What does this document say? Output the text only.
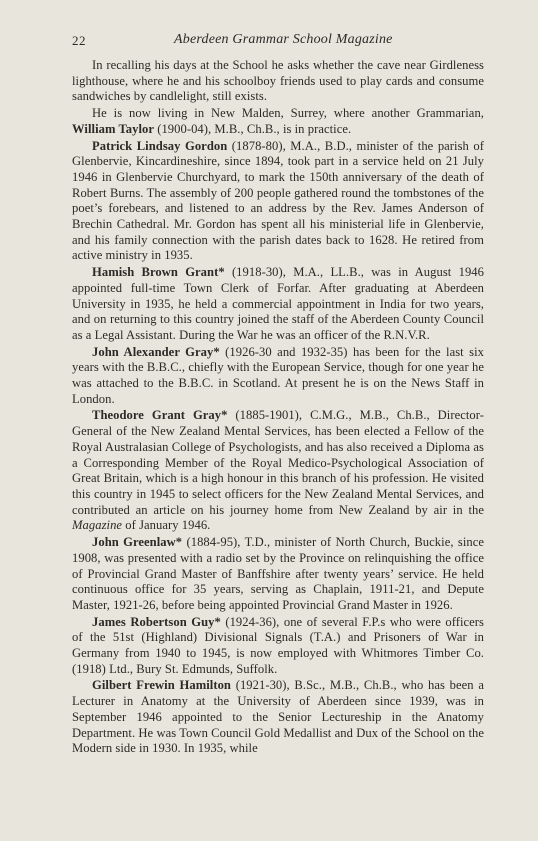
22	Aberdeen Grammar School Magazine

In recalling his days at the School he asks whether the cave near Girdleness lighthouse, where he and his schoolboy friends used to play cards and consume sandwiches by candlelight, still exists.

He is now living in New Malden, Surrey, where another Grammarian, William Taylor (1900-04), M.B., Ch.B., is in practice.

Patrick Lindsay Gordon (1878-80), M.A., B.D., minister of the parish of Glenbervie, Kincardineshire, since 1894, took part in a service held on 21 July 1946 in Glenbervie Churchyard, to mark the 150th anniversary of the death of Robert Burns. The assembly of 200 people gathered round the tombstones of the poet’s forebears, and listened to an address by the Rev. James Anderson of Brechin Cathedral. Mr. Gordon has spent all his ministerial life in Glenbervie, and his family connection with the parish dates back to 1628. He retired from active ministry in 1935.

Hamish Brown Grant* (1918-30), M.A., LL.B., was in August 1946 appointed full-time Town Clerk of Forfar. After graduating at Aberdeen University in 1935, he held a commercial appointment in India for two years, and on returning to this country joined the staff of the Aberdeen County Council as a Legal Assistant. During the War he was an officer of the R.N.V.R.

John Alexander Gray* (1926-30 and 1932-35) has been for the last six years with the B.B.C., chiefly with the European Service, though for one year he was attached to the B.B.C. in Scotland. At present he is on the News Staff in London.

Theodore Grant Gray* (1885-1901), C.M.G., M.B., Ch.B., Director-General of the New Zealand Mental Services, has been elected a Fellow of the Royal Australasian College of Psychologists, and has also received a Diploma as a Corresponding Member of the Royal Medico-Psychological Association of Great Britain, which is a high honour in this branch of his profession. He visited this country in 1945 to select officers for the New Zealand Mental Services, and contributed an article on his journey home from New Zealand by air in the Magazine of January 1946.

John Greenlaw* (1884-95), T.D., minister of North Church, Buckie, since 1908, was presented with a radio set by the Province on relinquishing the office of Provincial Grand Master of Banffshire after twenty years’ service. He held continuous office for 35 years, serving as Chaplain, 1911-21, and Depute Master, 1921-26, before being appointed Provincial Grand Master in 1926.

James Robertson Guy* (1924-36), one of several F.P.s who were officers of the 51st (Highland) Divisional Signals (T.A.) and Prisoners of War in Germany from 1940 to 1945, is now employed with Whitmores Timber Co. (1918) Ltd., Bury St. Edmunds, Suffolk.

Gilbert Frewin Hamilton (1921-30), B.Sc., M.B., Ch.B., who has been a Lecturer in Anatomy at the University of Aberdeen since 1939, was in September 1946 appointed to the Senior Lectureship in the Anatomy Department. He was Town Council Gold Medallist and Dux of the School on the Modern side in 1930. In 1935, while
